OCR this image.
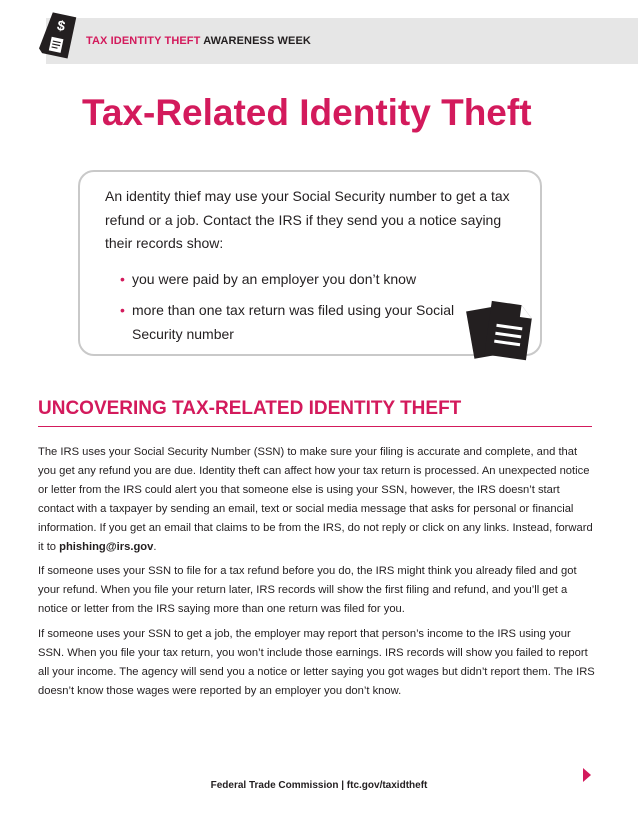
TAX IDENTITY THEFT AWARENESS WEEK
$
Tax-Related Identity Theft
An identity thief may use your Social Security number to get a tax refund or a job. Contact the IRS if they send you a notice saying their records show:
• you were paid by an employer you don’t know
• more than one tax return was filed using your Social Security number
UNCOVERING TAX-RELATED IDENTITY THEFT
The IRS uses your Social Security Number (SSN) to make sure your filing is accurate and complete, and that you get any refund you are due. Identity theft can affect how your tax return is processed. An unexpected notice or letter from the IRS could alert you that someone else is using your SSN, however, the IRS doesn’t start contact with a taxpayer by sending an email, text or social media message that asks for personal or financial information. If you get an email that claims to be from the IRS, do not reply or click on any links. Instead, forward it to phishing@irs.gov.
If someone uses your SSN to file for a tax refund before you do, the IRS might think you already filed and got your refund. When you file your return later, IRS records will show the first filing and refund, and you’ll get a notice or letter from the IRS saying more than one return was filed for you.
If someone uses your SSN to get a job, the employer may report that person’s income to the IRS using your SSN. When you file your tax return, you won’t include those earnings. IRS records will show you failed to report all your income. The agency will send you a notice or letter saying you got wages but didn’t report them. The IRS doesn’t know those wages were reported by an employer you don’t know.
Federal Trade Commission | ftc.gov/taxidtheft
